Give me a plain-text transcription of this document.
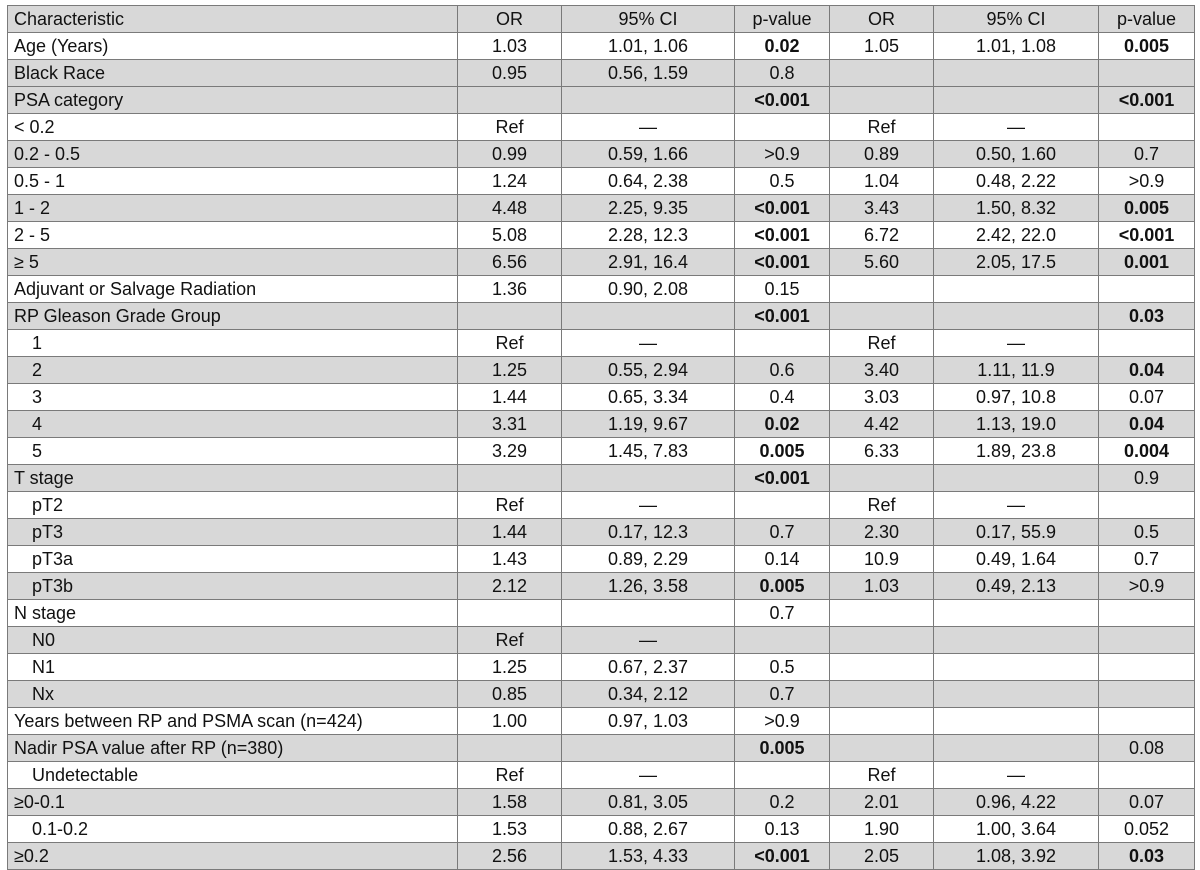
Characteristic	OR	95% CI	p-value	OR	95% CI	p-value
Age (Years)	1.03	1.01, 1.06	0.02	1.05	1.01, 1.08	0.005
Black Race	0.95	0.56, 1.59	0.8			
PSA category			<0.001			<0.001
< 0.2	Ref	—		Ref	—	
0.2 - 0.5	0.99	0.59, 1.66	>0.9	0.89	0.50, 1.60	0.7
0.5 - 1	1.24	0.64, 2.38	0.5	1.04	0.48, 2.22	>0.9
1 - 2	4.48	2.25, 9.35	<0.001	3.43	1.50, 8.32	0.005
2 - 5	5.08	2.28, 12.3	<0.001	6.72	2.42, 22.0	<0.001
≥ 5	6.56	2.91, 16.4	<0.001	5.60	2.05, 17.5	0.001
Adjuvant or Salvage Radiation	1.36	0.90, 2.08	0.15			
RP Gleason Grade Group			<0.001			0.03
1	Ref	—		Ref	—	
2	1.25	0.55, 2.94	0.6	3.40	1.11, 11.9	0.04
3	1.44	0.65, 3.34	0.4	3.03	0.97, 10.8	0.07
4	3.31	1.19, 9.67	0.02	4.42	1.13, 19.0	0.04
5	3.29	1.45, 7.83	0.005	6.33	1.89, 23.8	0.004
T stage			<0.001			0.9
pT2	Ref	—		Ref	—	
pT3	1.44	0.17, 12.3	0.7	2.30	0.17, 55.9	0.5
pT3a	1.43	0.89, 2.29	0.14	10.9	0.49, 1.64	0.7
pT3b	2.12	1.26, 3.58	0.005	1.03	0.49, 2.13	>0.9
N stage			0.7			
N0	Ref	—				
N1	1.25	0.67, 2.37	0.5			
Nx	0.85	0.34, 2.12	0.7			
Years between RP and PSMA scan (n=424)	1.00	0.97, 1.03	>0.9			
Nadir PSA value after RP (n=380)			0.005			0.08
Undetectable	Ref	—		Ref	—	
≥0-0.1	1.58	0.81, 3.05	0.2	2.01	0.96, 4.22	0.07
0.1-0.2	1.53	0.88, 2.67	0.13	1.90	1.00, 3.64	0.052
≥0.2	2.56	1.53, 4.33	<0.001	2.05	1.08, 3.92	0.03
